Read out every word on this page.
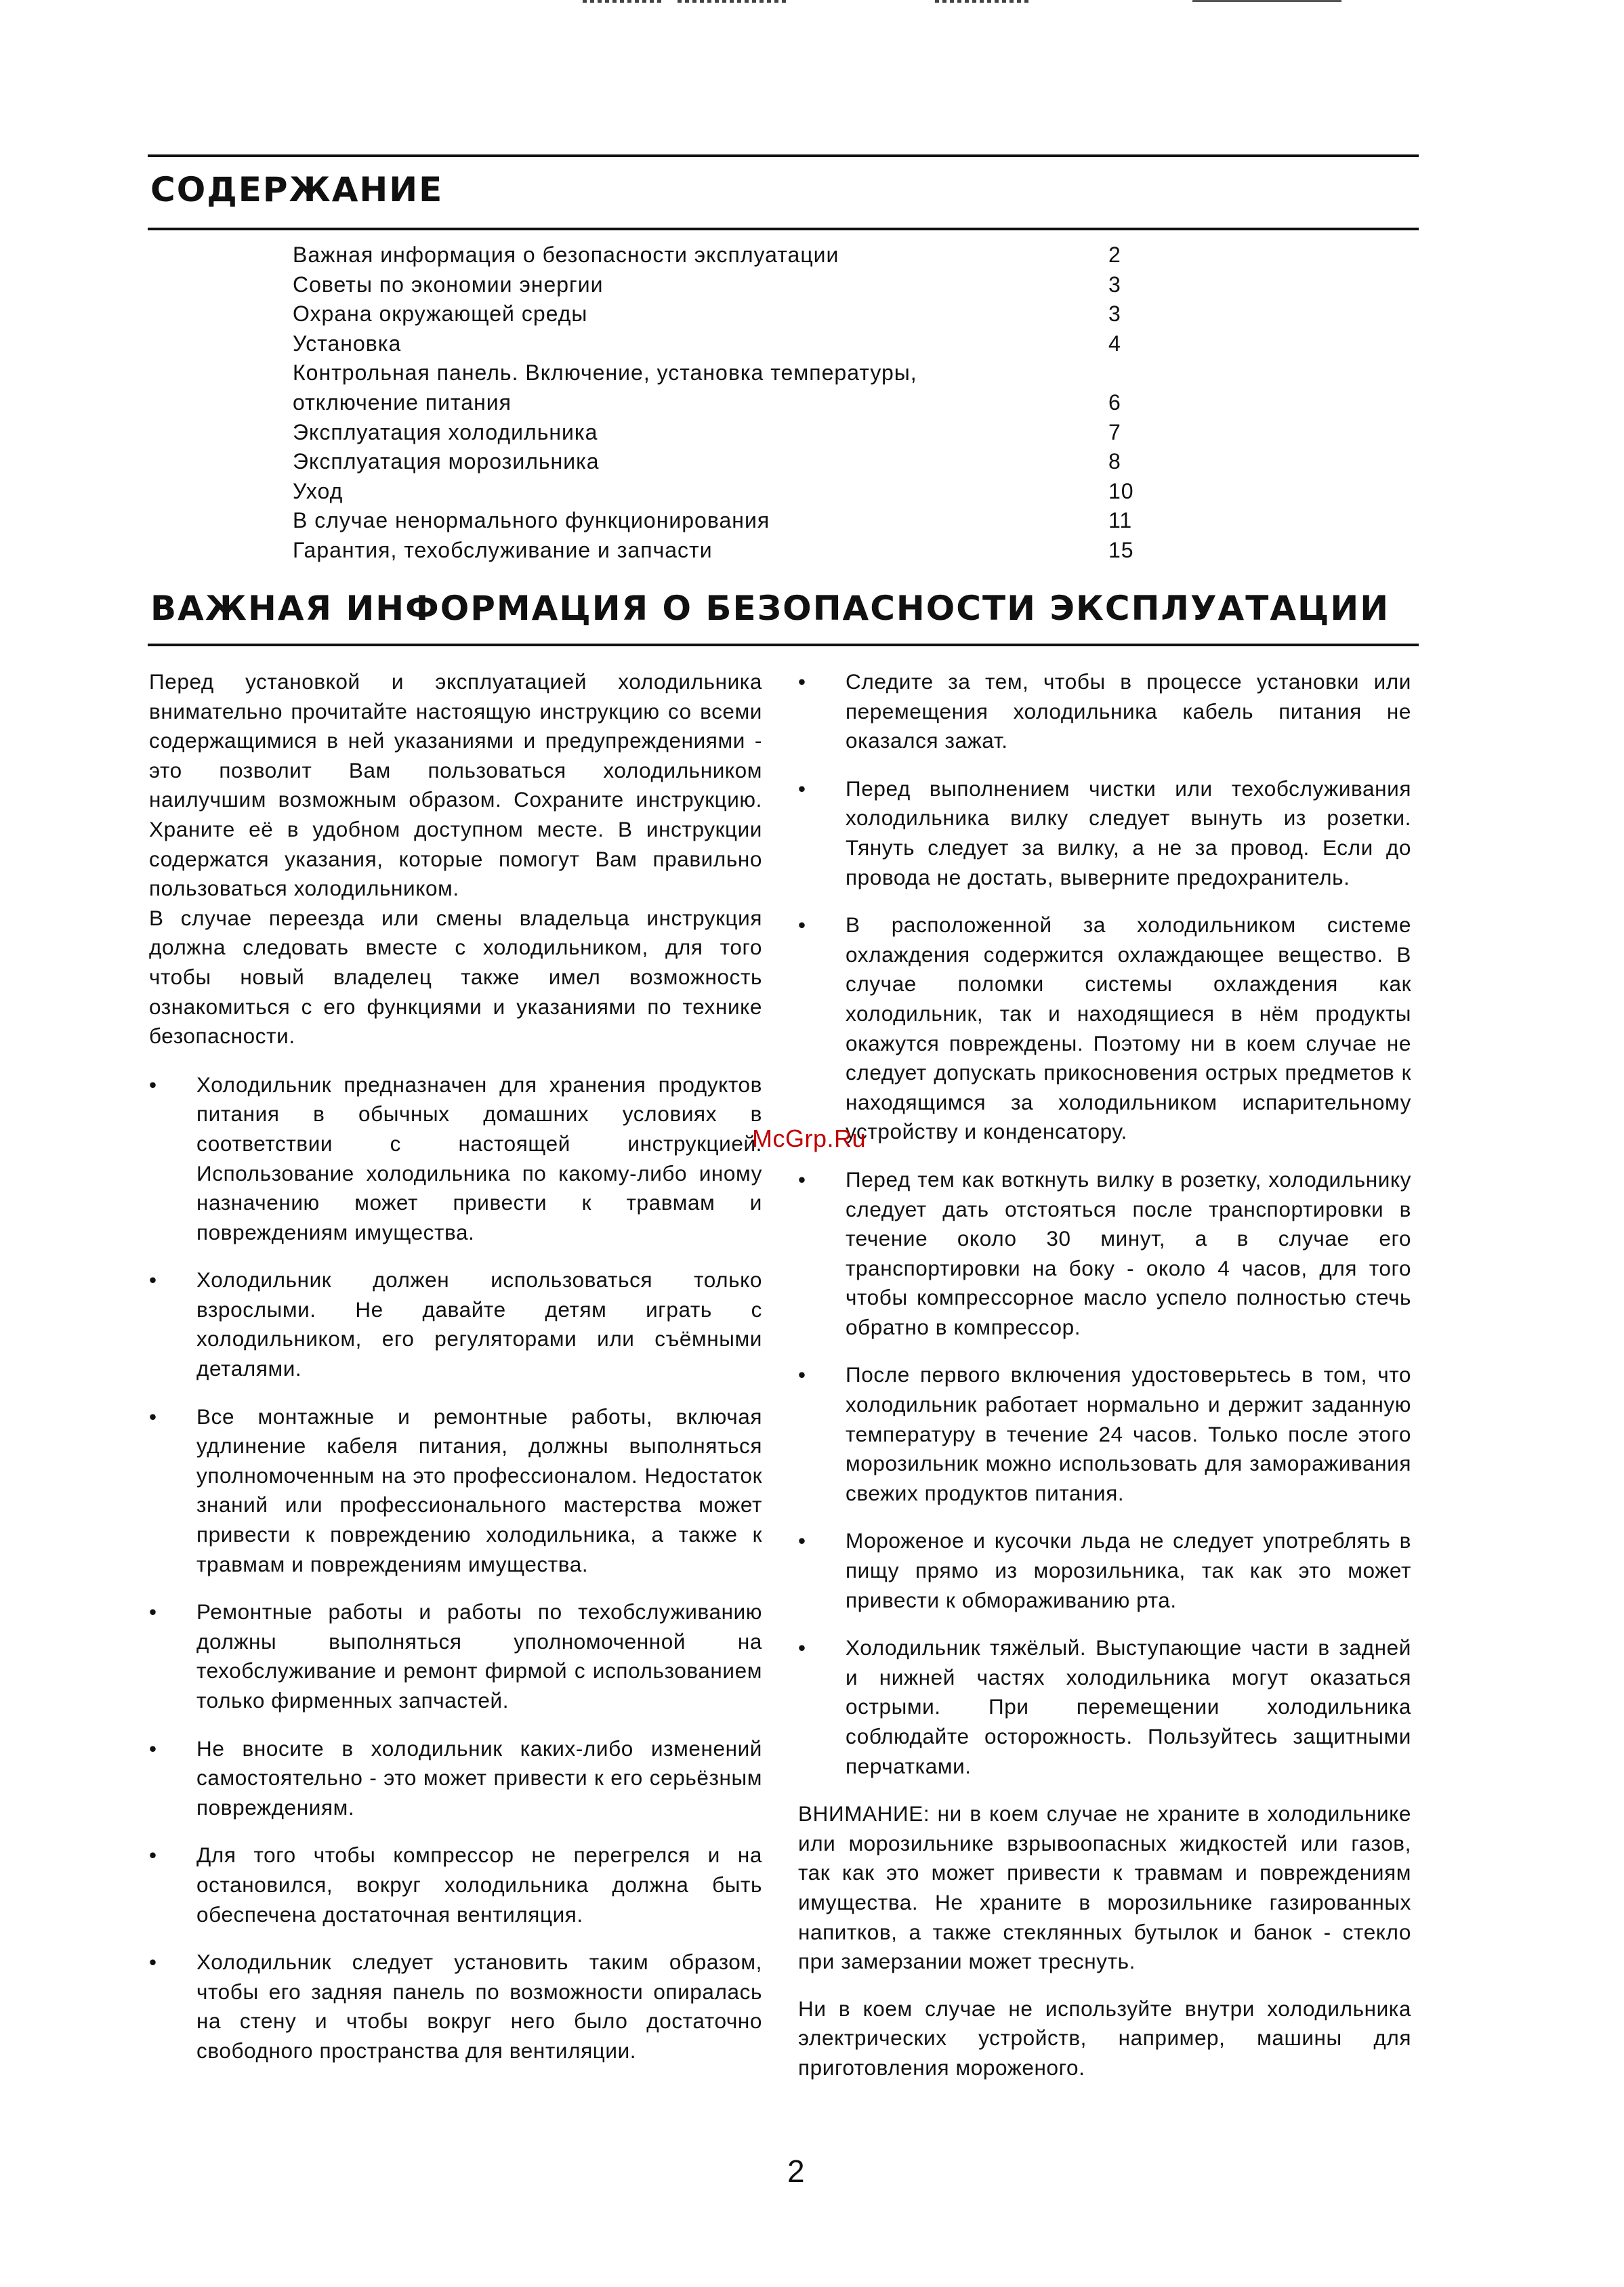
СОДЕРЖАНИЕ
Важная информация о безопасности эксплуатации	2
Советы по экономии энергии	3
Охрана окружающей среды	3
Установка	4
Контрольная панель. Включение, установка температуры,
отключение питания	6
Эксплуатация холодильника	7
Эксплуатация морозильника	8
Уход	10
В случае ненормального функционирования	11
Гарантия, техобслуживание и запчасти	15
ВАЖНАЯ ИНФОРМАЦИЯ О БЕЗОПАСНОСТИ ЭКСПЛУАТАЦИИ

Перед установкой и эксплуатацией холодильника внимательно прочитайте настоящую инструкцию со всеми содержащимися в ней указаниями и предупреждениями - это позволит Вам пользоваться холодильником наилучшим возможным образом. Сохраните инструкцию. Храните её в удобном доступном месте. В инструкции содержатся указания, которые помогут Вам правильно пользоваться холодильником.

В случае переезда или смены владельца инструкция должна следовать вместе с холодильником, для того чтобы новый владелец также имел возможность ознакомиться с его функциями и указаниями по технике безопасности.

• Холодильник предназначен для хранения продуктов питания в обычных домашних условиях в соответствии с настоящей инструкцией. Использование холодильника по какому-либо иному назначению может привести к травмам и повреждениям имущества.
• Холодильник должен использоваться только взрослыми. Не давайте детям играть с холодильником, его регуляторами или съёмными деталями.
• Все монтажные и ремонтные работы, включая удлинение кабеля питания, должны выполняться уполномоченным на это профессионалом. Недостаток знаний или профессионального мастерства может привести к повреждению холодильника, а также к травмам и повреждениям имущества.
• Ремонтные работы и работы по техобслуживанию должны выполняться уполномоченной на техобслуживание и ремонт фирмой с использованием только фирменных запчастей.
• Не вносите в холодильник каких-либо изменений самостоятельно - это может привести к его серьёзным повреждениям.
• Для того чтобы компрессор не перегрелся и на остановился, вокруг холодильника должна быть обеспечена достаточная вентиляция.
• Холодильник следует установить таким образом, чтобы его задняя панель по возможности опиралась на стену и чтобы вокруг него было достаточно свободного пространства для вентиляции.
• Следите за тем, чтобы в процессе установки или перемещения холодильника кабель питания не оказался зажат.
• Перед выполнением чистки или техобслуживания холодильника вилку следует вынуть из розетки. Тянуть следует за вилку, а не за провод. Если до провода не достать, выверните предохранитель.
• В расположенной за холодильником системе охлаждения содержится охлаждающее вещество. В случае поломки системы охлаждения как холодильник, так и находящиеся в нём продукты окажутся повреждены. Поэтому ни в коем случае не следует допускать прикосновения острых предметов к находящимся за холодильником испарительному устройству и конденсатору.
• Перед тем как воткнуть вилку в розетку, холодильнику следует дать отстояться после транспортировки в течение около 30 минут, а в случае его транспортировки на боку - около 4 часов, для того чтобы компрессорное масло успело полностью стечь обратно в компрессор.
• После первого включения удостоверьтесь в том, что холодильник работает нормально и держит заданную температуру в течение 24 часов. Только после этого морозильник можно использовать для замораживания свежих продуктов питания.
• Мороженое и кусочки льда не следует употреблять в пищу прямо из морозильника, так как это может привести к обмораживанию рта.
• Холодильник тяжёлый. Выступающие части в задней и нижней частях холодильника могут оказаться острыми. При перемещении холодильника соблюдайте осторожность. Пользуйтесь защитными перчатками.

ВНИМАНИЕ: ни в коем случае не храните в холодильнике или морозильнике взрывоопасных жидкостей или газов, так как это может привести к травмам и повреждениям имущества. Не храните в морозильнике газированных напитков, а также стеклянных бутылок и банок - стекло при замерзании может треснуть.

Ни в коем случае не используйте внутри холодильника электрических устройств, например, машины для приготовления мороженого.

McGrp.Ru
2
